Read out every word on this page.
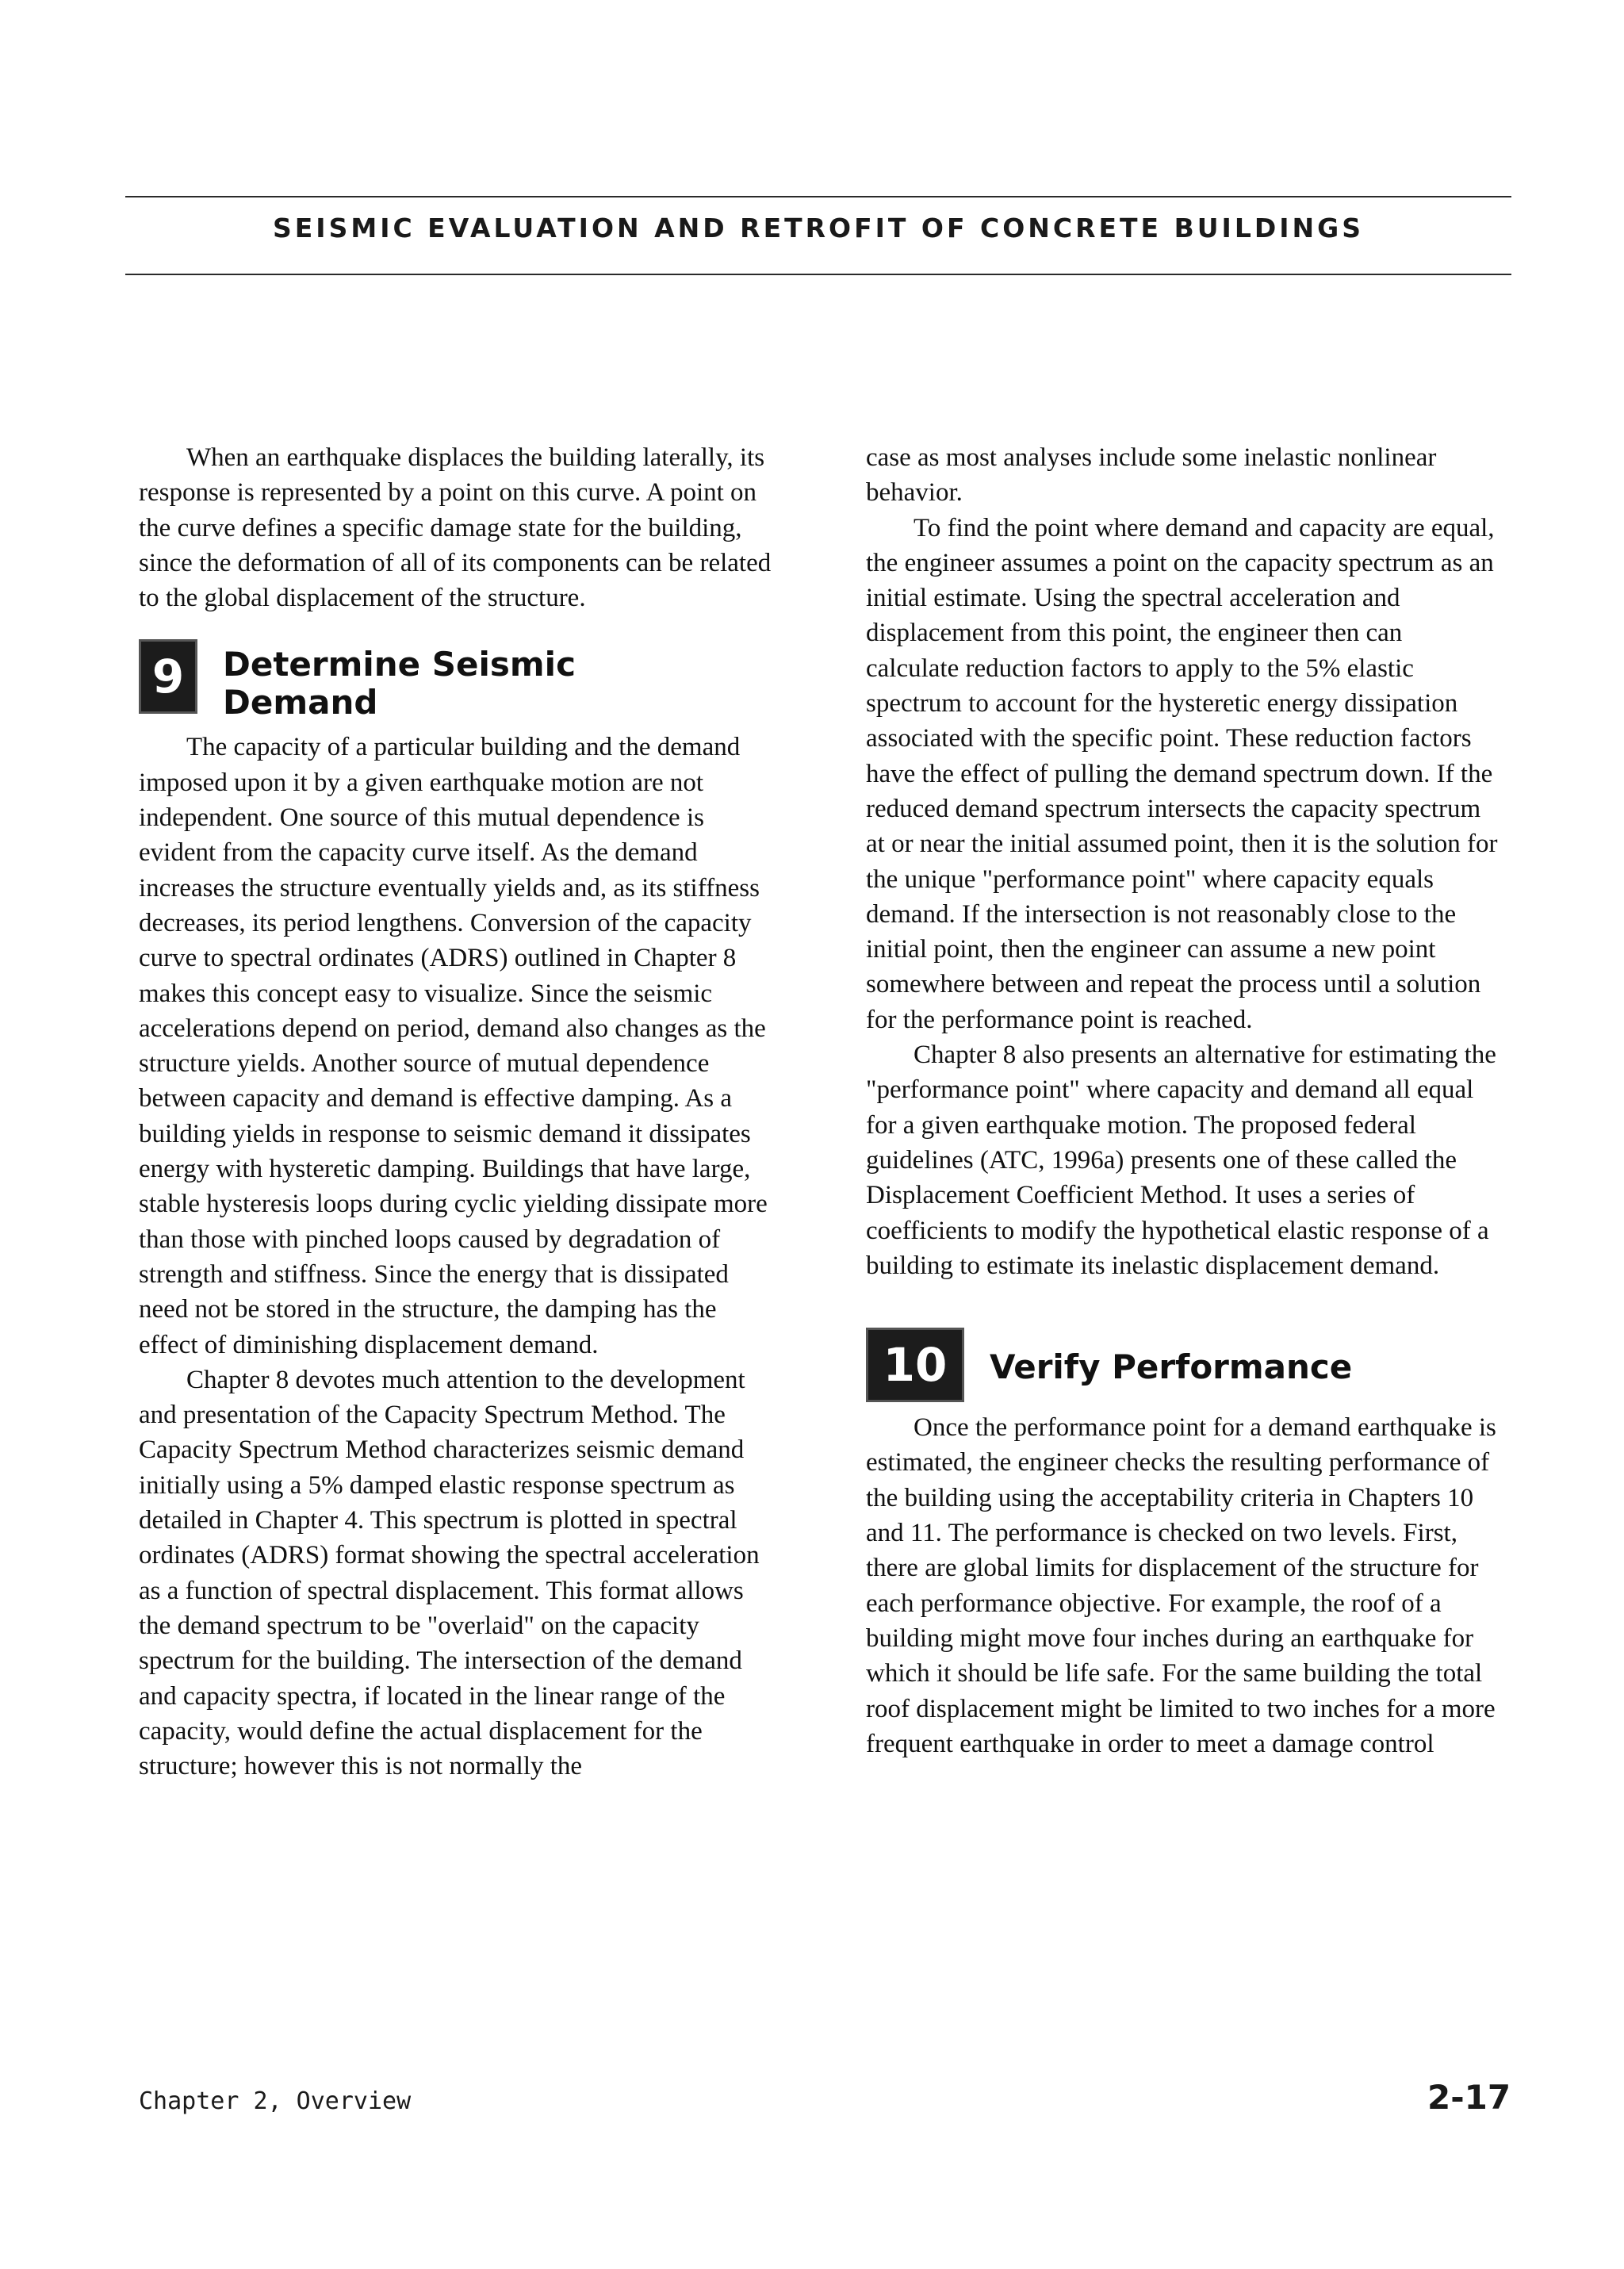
SEISMIC EVALUATION AND RETROFIT OF CONCRETE BUILDINGS

When an earthquake displaces the building laterally, its response is represented by a point on this curve. A point on the curve defines a specific damage state for the building, since the deformation of all of its components can be related to the global displacement of the structure.

9	Determine Seismic Demand

The capacity of a particular building and the demand imposed upon it by a given earthquake motion are not independent. One source of this mutual dependence is evident from the capacity curve itself. As the demand increases the structure eventually yields and, as its stiffness decreases, its period lengthens. Conversion of the capacity curve to spectral ordinates (ADRS) outlined in Chapter 8 makes this concept easy to visualize. Since the seismic accelerations depend on period, demand also changes as the structure yields. Another source of mutual dependence between capacity and demand is effective damping. As a building yields in response to seismic demand it dissipates energy with hysteretic damping. Buildings that have large, stable hysteresis loops during cyclic yielding dissipate more than those with pinched loops caused by degradation of strength and stiffness. Since the energy that is dissipated need not be stored in the structure, the damping has the effect of diminishing displacement demand.

Chapter 8 devotes much attention to the development and presentation of the Capacity Spectrum Method. The Capacity Spectrum Method characterizes seismic demand initially using a 5% damped elastic response spectrum as detailed in Chapter 4. This spectrum is plotted in spectral ordinates (ADRS) format showing the spectral acceleration as a function of spectral displacement. This format allows the demand spectrum to be "overlaid" on the capacity spectrum for the building. The intersection of the demand and capacity spectra, if located in the linear range of the capacity, would define the actual displacement for the structure; however this is not normally the

case as most analyses include some inelastic nonlinear behavior.

To find the point where demand and capacity are equal, the engineer assumes a point on the capacity spectrum as an initial estimate. Using the spectral acceleration and displacement from this point, the engineer then can calculate reduction factors to apply to the 5% elastic spectrum to account for the hysteretic energy dissipation associated with the specific point. These reduction factors have the effect of pulling the demand spectrum down. If the reduced demand spectrum intersects the capacity spectrum at or near the initial assumed point, then it is the solution for the unique "performance point" where capacity equals demand. If the intersection is not reasonably close to the initial point, then the engineer can assume a new point somewhere between and repeat the process until a solution for the performance point is reached.

Chapter 8 also presents an alternative for estimating the "performance point" where capacity and demand all equal for a given earthquake motion. The proposed federal guidelines (ATC, 1996a) presents one of these called the Displacement Coefficient Method. It uses a series of coefficients to modify the hypothetical elastic response of a building to estimate its inelastic displacement demand.

10	Verify Performance

Once the performance point for a demand earthquake is estimated, the engineer checks the resulting performance of the building using the acceptability criteria in Chapters 10 and 11. The performance is checked on two levels. First, there are global limits for displacement of the structure for each performance objective. For example, the roof of a building might move four inches during an earthquake for which it should be life safe. For the same building the total roof displacement might be limited to two inches for a more frequent earthquake in order to meet a damage control

Chapter 2, Overview	2-17
